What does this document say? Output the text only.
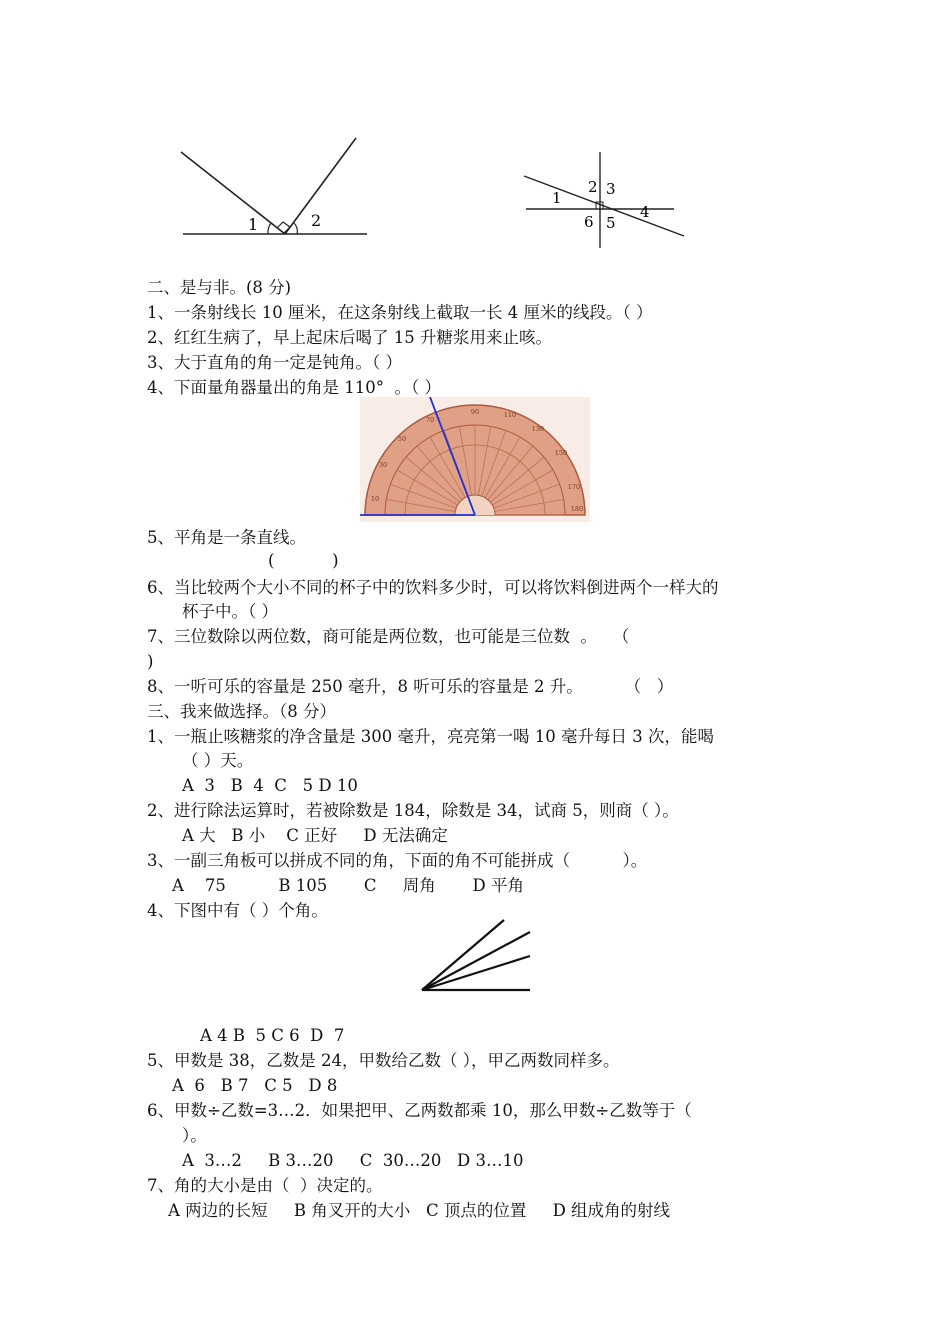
1	2
1
2 3
4
5
6
二、是与非。(8 分)
1、一条射线长 10 厘米，在这条射线上截取一长 4 厘米的线段。（ ）
2、红红生病了，早上起床后喝了 15 升糖浆用来止咳。
3、大于直角的角一定是钝角。（ ）
4、下面量角器量出的角是 110°  。（ ）
10
30
50
70
90	110
130
150
170
180
5、平角是一条直线。
(           )
6、当比较两个大小不同的杯子中的饮料多少时，可以将饮料倒进两个一样大的
杯子中。（ ）
7、三位数除以两位数，商可能是两位数，也可能是三位数  。   （
)
8、一听可乐的容量是 250 毫升，8 听可乐的容量是 2 升。        （   ）
三、我来做选择。（8 分）
1、一瓶止咳糖浆的净含量是 300 毫升，亮亮第一喝 10 毫升每日 3 次，能喝
（ ）天。
A  3   B  4  C   5 D 10
2、进行除法运算时，若被除数是 184，除数是 34，试商 5，则商（ ）。
A 大   B 小    C 正好     D 无法确定
3、一副三角板可以拼成不同的角，下面的角不可能拼成（          ）。
A    75          B 105       C     周角       D 平角
4、下图中有（ ）个角。
A 4 B  5 C 6  D  7
5、甲数是 38，乙数是 24，甲数给乙数（ ），甲乙两数同样多。
A  6   B 7   C 5   D 8
6、甲数÷乙数=3…2．如果把甲、乙两数都乘 10，那么甲数÷乙数等于（
）。
A  3…2     B 3…20     C  30…20   D 3…10
7、角的大小是由（  ）决定的。
A 两边的长短     B 角叉开的大小   C 顶点的位置     D 组成角的射线
